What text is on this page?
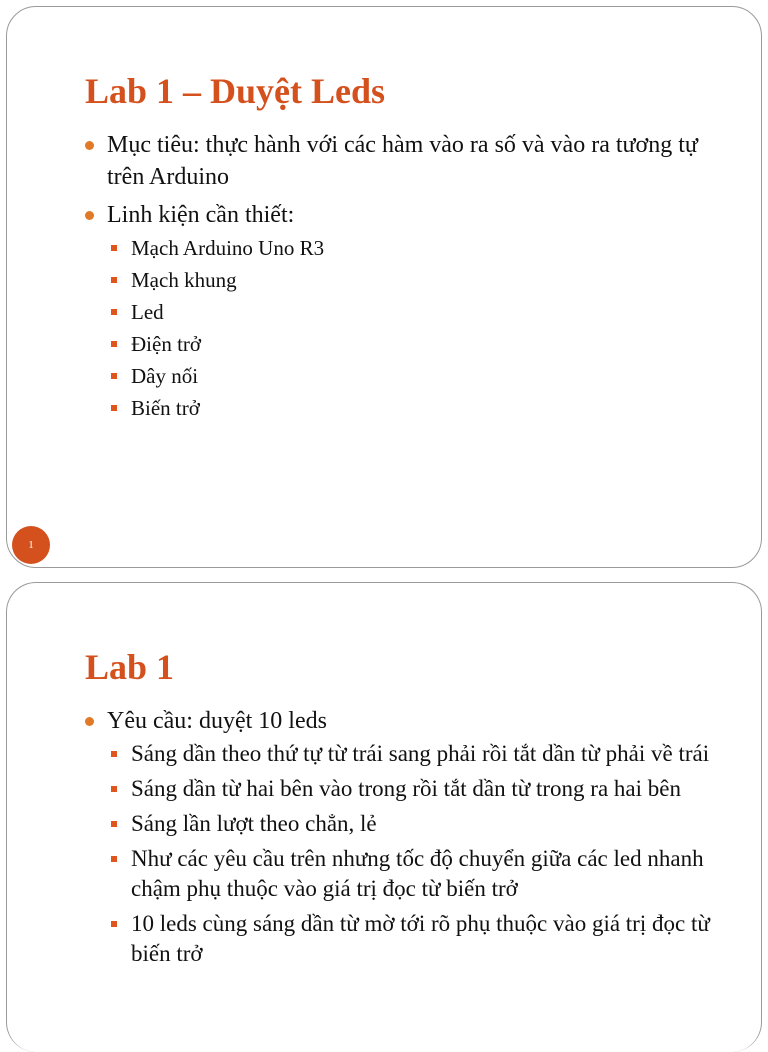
Lab 1 – Duyệt Leds
Mục tiêu: thực hành với các hàm vào ra số và vào ra tương tự trên Arduino
Linh kiện cần thiết:
Mạch Arduino Uno R3
Mạch khung
Led
Điện trở
Dây nối
Biến trở
1
Lab 1
Yêu cầu: duyệt 10 leds
Sáng dần theo thứ tự từ trái sang phải rồi tắt dần từ phải về trái
Sáng dần từ hai bên vào trong rồi tắt dần từ trong ra hai bên
Sáng lần lượt theo chẳn, lẻ
Như các yêu cầu trên nhưng tốc độ chuyển giữa các led nhanh chậm phụ thuộc vào giá trị đọc từ biến trở
10 leds cùng sáng dần từ mờ tới rõ phụ thuộc vào giá trị đọc từ biến trở
